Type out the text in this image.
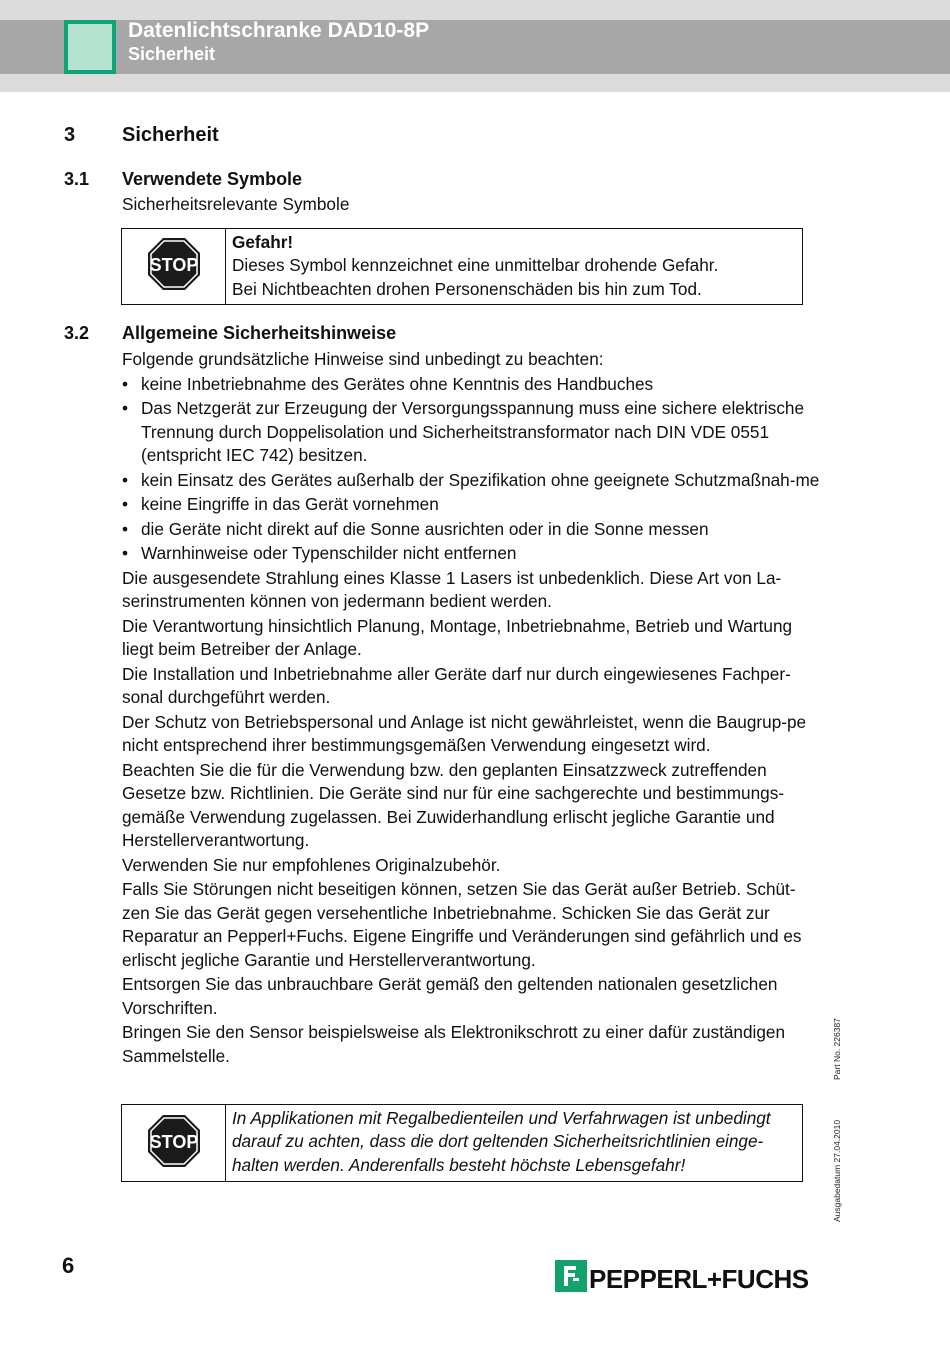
Datenlichtschranke DAD10-8P
Sicherheit
3 Sicherheit
3.1 Verwendete Symbole
Sicherheitsrelevante Symbole
STOP
Gefahr!
Dieses Symbol kennzeichnet eine unmittelbar drohende Gefahr.
Bei Nichtbeachten drohen Personenschäden bis hin zum Tod.
3.2 Allgemeine Sicherheitshinweise
Folgende grundsätzliche Hinweise sind unbedingt zu beachten:
• keine Inbetriebnahme des Gerätes ohne Kenntnis des Handbuches
• Das Netzgerät zur Erzeugung der Versorgungsspannung muss eine sichere elektrische Trennung durch Doppelisolation und Sicherheitstransformator nach DIN VDE 0551 (entspricht IEC 742) besitzen.
• kein Einsatz des Gerätes außerhalb der Spezifikation ohne geeignete Schutzmaßnah-me
• keine Eingriffe in das Gerät vornehmen
• die Geräte nicht direkt auf die Sonne ausrichten oder in die Sonne messen
• Warnhinweise oder Typenschilder nicht entfernen
Die ausgesendete Strahlung eines Klasse 1 Lasers ist unbedenklich. Diese Art von La-serinstrumenten können von jedermann bedient werden.
Die Verantwortung hinsichtlich Planung, Montage, Inbetriebnahme, Betrieb und Wartung liegt beim Betreiber der Anlage.
Die Installation und Inbetriebnahme aller Geräte darf nur durch eingewiesenes Fachper-sonal durchgeführt werden.
Der Schutz von Betriebspersonal und Anlage ist nicht gewährleistet, wenn die Baugrup-pe nicht entsprechend ihrer bestimmungsgemäßen Verwendung eingesetzt wird.
Beachten Sie die für die Verwendung bzw. den geplanten Einsatzzweck zutreffenden Gesetze bzw. Richtlinien. Die Geräte sind nur für eine sachgerechte und bestimmungs-gemäße Verwendung zugelassen. Bei Zuwiderhandlung erlischt jegliche Garantie und Herstellerverantwortung.
Verwenden Sie nur empfohlenes Originalzubehör.
Falls Sie Störungen nicht beseitigen können, setzen Sie das Gerät außer Betrieb. Schüt-zen Sie das Gerät gegen versehentliche Inbetriebnahme. Schicken Sie das Gerät zur Reparatur an Pepperl+Fuchs. Eigene Eingriffe und Veränderungen sind gefährlich und es erlischt jegliche Garantie und Herstellerverantwortung.
Entsorgen Sie das unbrauchbare Gerät gemäß den geltenden nationalen gesetzlichen Vorschriften.
Bringen Sie den Sensor beispielsweise als Elektronikschrott zu einer dafür zuständigen Sammelstelle.
STOP
In Applikationen mit Regalbedienteilen und Verfahrwagen ist unbedingt darauf zu achten, dass die dort geltenden Sicherheitsrichtlinien einge-halten werden. Anderenfalls besteht höchste Lebensgefahr!
Part No. 226387
Ausgabedatum 27.04.2010
6	PEPPERL+FUCHS
